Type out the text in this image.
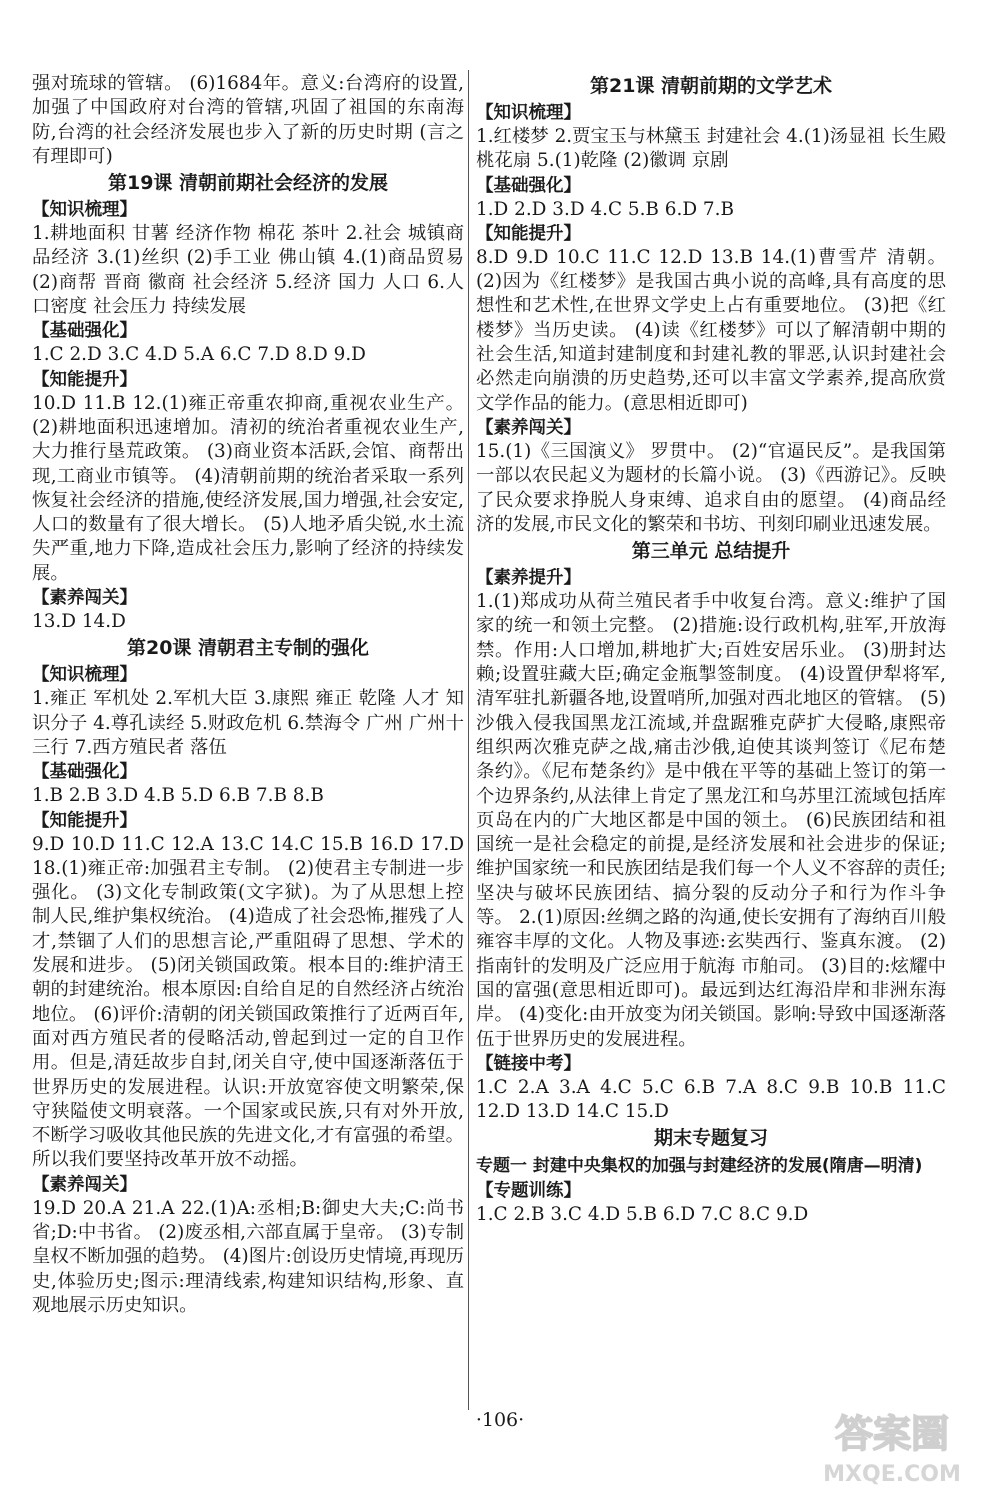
强对琉球的管辖。 (6)1684年。意义:台湾府的设置,加强了中国政府对台湾的管辖,巩固了祖国的东南海防,台湾的社会经济发展也步入了新的历史时期 (言之有理即可)

第19课 清朝前期社会经济的发展
【知识梳理】

1.耕地面积 甘薯 经济作物 棉花 茶叶 2.社会 城镇商品经济 3.(1)丝织 (2)手工业 佛山镇 4.(1)商品贸易 (2)商帮 晋商 徽商 社会经济 5.经济 国力 人口 6.人口密度 社会压力 持续发展

【基础强化】

1.C 2.D 3.C 4.D 5.A 6.C 7.D 8.D 9.D

【知能提升】

10.D 11.B 12.(1)雍正帝重农抑商,重视农业生产。 (2)耕地面积迅速增加。清初的统治者重视农业生产,大力推行垦荒政策。 (3)商业资本活跃,会馆、商帮出现,工商业市镇等。 (4)清朝前期的统治者采取一系列恢复社会经济的措施,使经济发展,国力增强,社会安定,人口的数量有了很大增长。 (5)人地矛盾尖锐,水土流失严重,地力下降,造成社会压力,影响了经济的持续发展。

【素养闯关】

13.D 14.D

第20课 清朝君主专制的强化
【知识梳理】

1.雍正 军机处 2.军机大臣 3.康熙 雍正 乾隆 人才 知识分子 4.尊孔读经 5.财政危机 6.禁海令 广州 广州十三行 7.西方殖民者 落伍

【基础强化】

1.B 2.B 3.D 4.B 5.D 6.B 7.B 8.B

【知能提升】

9.D 10.D 11.C 12.A 13.C 14.C 15.B 16.D 17.D 18.(1)雍正帝:加强君主专制。 (2)使君主专制进一步强化。 (3)文化专制政策(文字狱)。为了从思想上控制人民,维护集权统治。 (4)造成了社会恐怖,摧残了人才,禁锢了人们的思想言论,严重阻碍了思想、学术的发展和进步。 (5)闭关锁国政策。根本目的:维护清王朝的封建统治。根本原因:自给自足的自然经济占统治地位。 (6)评价:清朝的闭关锁国政策推行了近两百年,面对西方殖民者的侵略活动,曾起到过一定的自卫作用。但是,清廷故步自封,闭关自守,使中国逐渐落伍于世界历史的发展进程。认识:开放宽容使文明繁荣,保守狭隘使文明衰落。一个国家或民族,只有对外开放,不断学习吸收其他民族的先进文化,才有富强的希望。所以我们要坚持改革开放不动摇。

【素养闯关】

19.D 20.A 21.A 22.(1)A:丞相;B:御史大夫;C:尚书省;D:中书省。 (2)废丞相,六部直属于皇帝。 (3)专制皇权不断加强的趋势。 (4)图片:创设历史情境,再现历史,体验历史;图示:理清线索,构建知识结构,形象、直观地展示历史知识。

第21课 清朝前期的文学艺术
【知识梳理】

1.红楼梦 2.贾宝玉与林黛玉 封建社会 4.(1)汤显祖 长生殿 桃花扇 5.(1)乾隆 (2)徽调 京剧

【基础强化】

1.D 2.D 3.D 4.C 5.B 6.D 7.B

【知能提升】

8.D 9.D 10.C 11.C 12.D 13.B 14.(1)曹雪芹 清朝。 (2)因为《红楼梦》是我国古典小说的高峰,具有高度的思想性和艺术性,在世界文学史上占有重要地位。 (3)把《红楼梦》当历史读。 (4)读《红楼梦》可以了解清朝中期的社会生活,知道封建制度和封建礼教的罪恶,认识封建社会必然走向崩溃的历史趋势,还可以丰富文学素养,提高欣赏文学作品的能力。(意思相近即可)

【素养闯关】

15.(1)《三国演义》 罗贯中。 (2)“官逼民反”。是我国第一部以农民起义为题材的长篇小说。 (3)《西游记》。反映了民众要求挣脱人身束缚、追求自由的愿望。 (4)商品经济的发展,市民文化的繁荣和书坊、刊刻印刷业迅速发展。

第三单元 总结提升
【素养提升】

1.(1)郑成功从荷兰殖民者手中收复台湾。意义:维护了国家的统一和领土完整。 (2)措施:设行政机构,驻军,开放海禁。作用:人口增加,耕地扩大;百姓安居乐业。 (3)册封达赖;设置驻藏大臣;确定金瓶掣签制度。 (4)设置伊犁将军,清军驻扎新疆各地,设置哨所,加强对西北地区的管辖。 (5)沙俄入侵我国黑龙江流域,并盘踞雅克萨扩大侵略,康熙帝组织两次雅克萨之战,痛击沙俄,迫使其谈判签订《尼布楚条约》。《尼布楚条约》是中俄在平等的基础上签订的第一个边界条约,从法律上肯定了黑龙江和乌苏里江流域包括库页岛在内的广大地区都是中国的领土。 (6)民族团结和祖国统一是社会稳定的前提,是经济发展和社会进步的保证;维护国家统一和民族团结是我们每一个人义不容辞的责任;坚决与破坏民族团结、搞分裂的反动分子和行为作斗争等。 2.(1)原因:丝绸之路的沟通,使长安拥有了海纳百川般雍容丰厚的文化。人物及事迹:玄奘西行、鉴真东渡。 (2)指南针的发明及广泛应用于航海 市舶司。 (3)目的:炫耀中国的富强(意思相近即可)。最远到达红海沿岸和非洲东海岸。 (4)变化:由开放变为闭关锁国。影响:导致中国逐渐落伍于世界历史的发展进程。

【链接中考】

1.C 2.A 3.A 4.C 5.C 6.B 7.A 8.C 9.B 10.B 11.C 12.D 13.D 14.C 15.D

期末专题复习
专题一 封建中央集权的加强与封建经济的发展(隋唐—明清)
【专题训练】

1.C 2.B 3.C 4.D 5.B 6.D 7.C 8.C 9.D

·106·	答案圈
MXQE.COM
